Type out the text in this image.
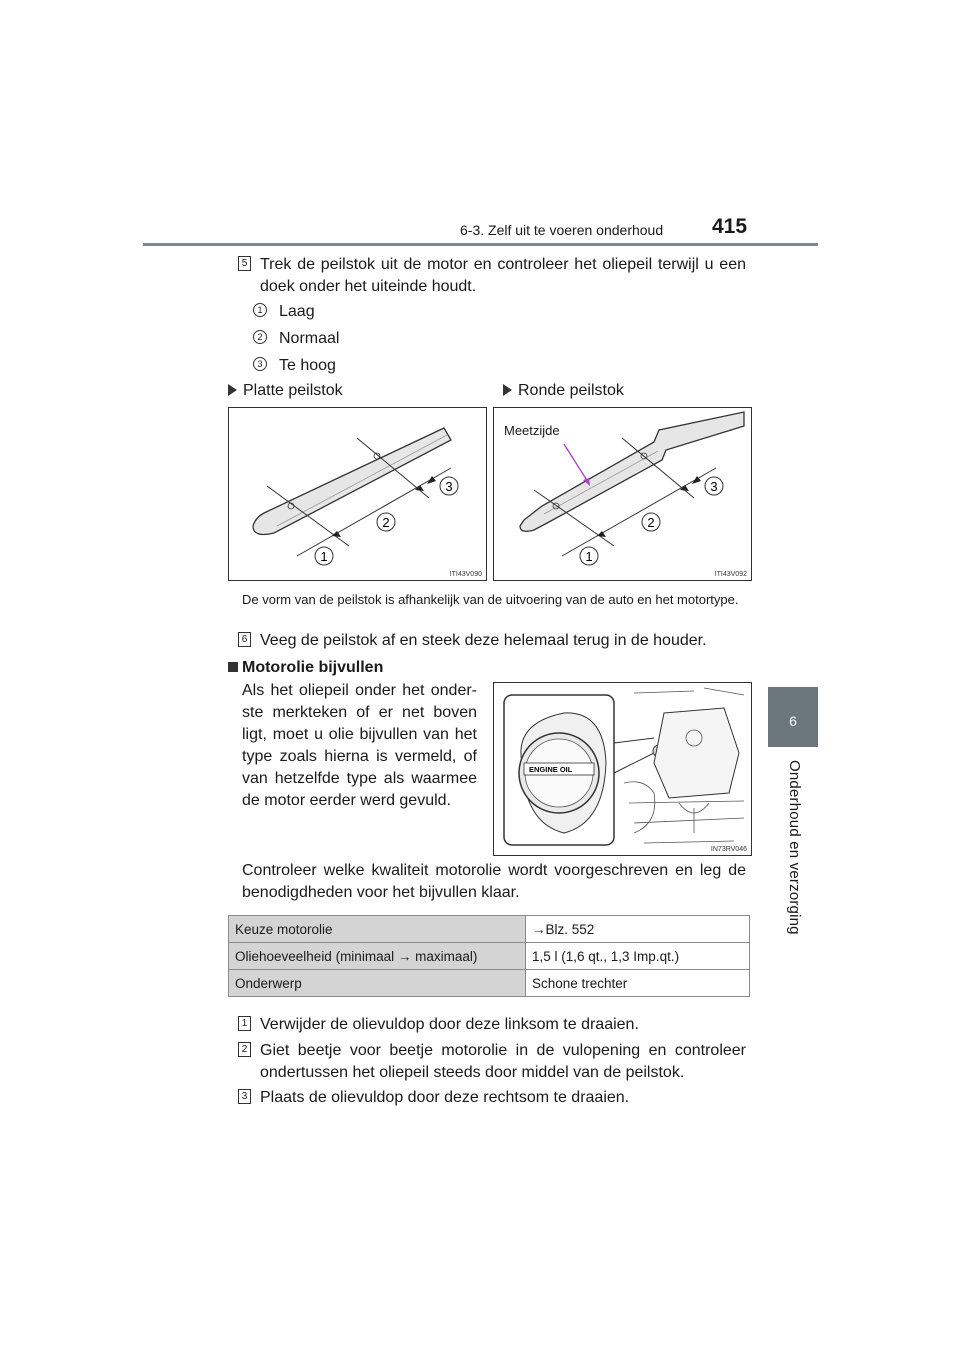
6-3. Zelf uit te voeren onderhoud 415
6
Onderhoud en verzorging
5 Trek de peilstok uit de motor en controleer het oliepeil terwijl u een doek onder het uiteinde houdt.
1 Laag
2 Normaal
3 Te hoog
Platte peilstok	Ronde peilstok
1
2
3
ITI43V090
Meetzijde
1
2
3
ITI43V092
De vorm van de peilstok is afhankelijk van de uitvoering van de auto en het motortype.
6 Veeg de peilstok af en steek deze helemaal terug in de houder.
Motorolie bijvullen
Als het oliepeil onder het onderste merkteken of er net boven ligt, moet u olie bijvullen van het type zoals hierna is vermeld, of van hetzelfde type als waarmee de motor eerder werd gevuld.
ENGINE OIL
IN73RV046
Controleer welke kwaliteit motorolie wordt voorgeschreven en leg de benodigdheden voor het bijvullen klaar.
Keuze motorolie	→Blz. 552
Oliehoeveelheid (minimaal → maximaal)	1,5 l (1,6 qt., 1,3 Imp.qt.)
Onderwerp	Schone trechter
1 Verwijder de olievuldop door deze linksom te draaien.
2 Giet beetje voor beetje motorolie in de vulopening en controleer ondertussen het oliepeil steeds door middel van de peilstok.
3 Plaats de olievuldop door deze rechtsom te draaien.
